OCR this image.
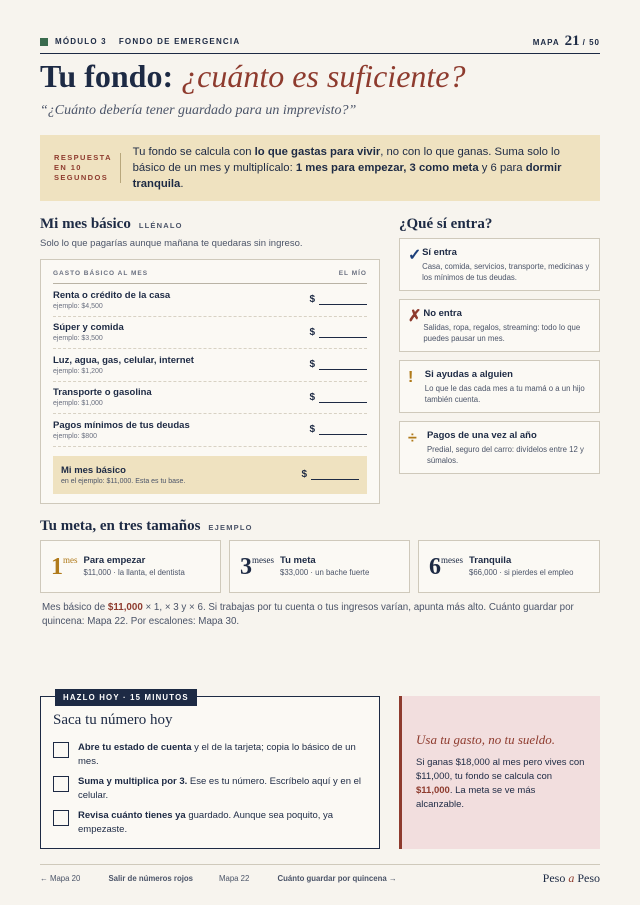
MÓDULO 3 FONDO DE EMERGENCIA	MAPA 21 / 50
Tu fondo: ¿cuánto es suficiente?
“¿Cuánto debería tener guardado para un imprevisto?”
RESPUESTA EN 10 SEGUNDOS
Tu fondo se calcula con lo que gastas para vivir, no con lo que ganas. Suma solo lo básico de un mes y multiplícalo: 1 mes para empezar, 3 como meta y 6 para dormir tranquila.
Mi mes básico LLÉNALO
Solo lo que pagarías aunque mañana te quedaras sin ingreso.
GASTO BÁSICO AL MES	EL MÍO
Renta o crédito de la casa
ejemplo: $4,500
$
Súper y comida
ejemplo: $3,500
$
Luz, agua, gas, celular, internet
ejemplo: $1,200
$
Transporte o gasolina
ejemplo: $1,000
$
Pagos mínimos de tus deudas
ejemplo: $800
$
Mi mes básico
en el ejemplo: $11,000. Esta es tu base.
$
¿Qué sí entra?
✓ Sí entra
Casa, comida, servicios, transporte, medicinas y los mínimos de tus deudas.
✗ No entra
Salidas, ropa, regalos, streaming: todo lo que puedes pausar un mes.
!	Si ayudas a alguien
Lo que le das cada mes a tu mamá o a un hijo también cuenta.
÷	Pagos de una vez al año
Predial, seguro del carro: divídelos entre 12 y súmalos.
Tu meta, en tres tamaños EJEMPLO
1 mes Para empezar
$11,000 · la llanta, el dentista 3 meses Tu meta
$33,000 · un bache fuerte 6 meses Tranquila
$66,000 · si pierdes el empleo
Mes básico de $11,000 × 1, × 3 y × 6. Si trabajas por tu cuenta o tus ingresos varían, apunta más alto. Cuánto guardar por quincena: Mapa 22. Por escalones: Mapa 30.
HAZLO HOY · 15 MINUTOS
Saca tu número hoy
Abre tu estado de cuenta y el de la tarjeta; copia lo básico de un mes.
Suma y multiplica por 3. Ese es tu número. Escríbelo aquí y en el celular.
Revisa cuánto tienes ya guardado. Aunque sea poquito, ya empezaste.
Usa tu gasto, no tu sueldo.
Si ganas $18,000 al mes pero vives con $11,000, tu fondo se calcula con $11,000. La meta se ve más alcanzable.
← Mapa 20	Salir de números rojos	Mapa 22	Cuánto guardar por quincena →	Peso a Peso
